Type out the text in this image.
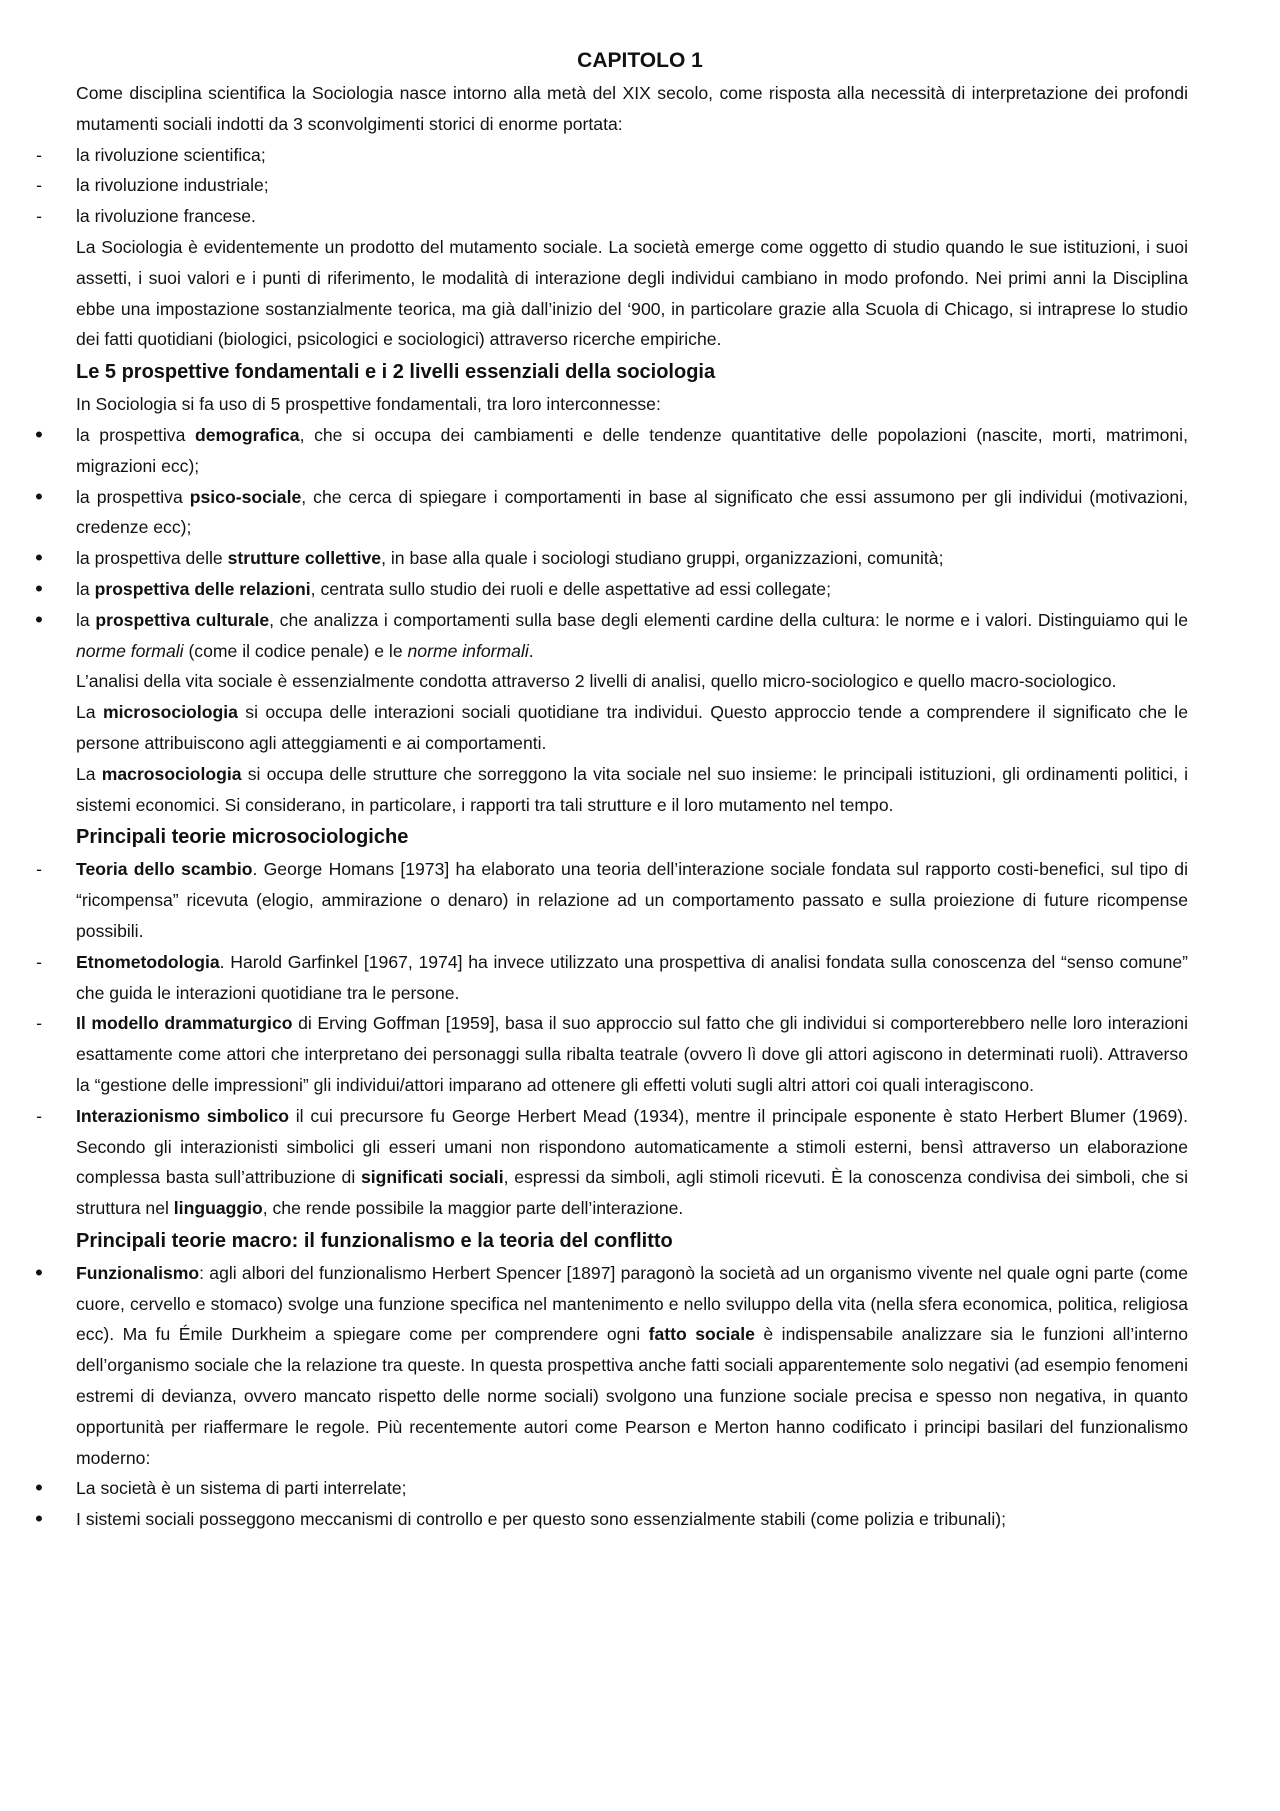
CAPITOLO 1

Come disciplina scientifica la Sociologia nasce intorno alla metà del XIX secolo, come risposta alla necessità di interpretazione dei profondi mutamenti sociali indotti da 3 sconvolgimenti storici di enorme portata:

- la rivoluzione scientifica;

- la rivoluzione industriale;

- la rivoluzione francese.

La Sociologia è evidentemente un prodotto del mutamento sociale. La società emerge come oggetto di studio quando le sue istituzioni, i suoi assetti, i suoi valori e i punti di riferimento, le modalità di interazione degli individui cambiano in modo profondo. Nei primi anni la Disciplina ebbe una impostazione sostanzialmente teorica, ma già dall’inizio del ‘900, in particolare grazie alla Scuola di Chicago, si intraprese lo studio dei fatti quotidiani (biologici, psicologici e sociologici) attraverso ricerche empiriche.

Le 5 prospettive fondamentali e i 2 livelli essenziali della sociologia

In Sociologia si fa uso di 5 prospettive fondamentali, tra loro interconnesse:

• la prospettiva demografica, che si occupa dei cambiamenti e delle tendenze quantitative delle popolazioni (nascite, morti, matrimoni, migrazioni ecc);

• la prospettiva psico-sociale, che cerca di spiegare i comportamenti in base al significato che essi assumono per gli individui (motivazioni, credenze ecc);

• la prospettiva delle strutture collettive, in base alla quale i sociologi studiano gruppi, organizzazioni, comunità;

• la prospettiva delle relazioni, centrata sullo studio dei ruoli e delle aspettative ad essi collegate;

• la prospettiva culturale, che analizza i comportamenti sulla base degli elementi cardine della cultura: le norme e i valori. Distinguiamo qui le norme formali (come il codice penale) e le norme informali.

L’analisi della vita sociale è essenzialmente condotta attraverso 2 livelli di analisi, quello micro-sociologico e quello macro-sociologico.

La microsociologia si occupa delle interazioni sociali quotidiane tra individui. Questo approccio tende a comprendere il significato che le persone attribuiscono agli atteggiamenti e ai comportamenti.

La macrosociologia si occupa delle strutture che sorreggono la vita sociale nel suo insieme: le principali istituzioni, gli ordinamenti politici, i sistemi economici. Si considerano, in particolare, i rapporti tra tali strutture e il loro mutamento nel tempo.

Principali teorie microsociologiche

- Teoria dello scambio. George Homans [1973] ha elaborato una teoria dell’interazione sociale fondata sul rapporto costi-benefici, sul tipo di “ricompensa” ricevuta (elogio, ammirazione o denaro) in relazione ad un comportamento passato e sulla proiezione di future ricompense possibili.

- Etnometodologia. Harold Garfinkel [1967, 1974] ha invece utilizzato una prospettiva di analisi fondata sulla conoscenza del “senso comune” che guida le interazioni quotidiane tra le persone.

- Il modello drammaturgico di Erving Goffman [1959], basa il suo approccio sul fatto che gli individui si comporterebbero nelle loro interazioni esattamente come attori che interpretano dei personaggi sulla ribalta teatrale (ovvero lì dove gli attori agiscono in determinati ruoli). Attraverso la “gestione delle impressioni” gli individui/attori imparano ad ottenere gli effetti voluti sugli altri attori coi quali interagiscono.

- Interazionismo simbolico il cui precursore fu George Herbert Mead (1934), mentre il principale esponente è stato Herbert Blumer (1969). Secondo gli interazionisti simbolici gli esseri umani non rispondono automaticamente a stimoli esterni, bensì attraverso un elaborazione complessa basta sull’attribuzione di significati sociali, espressi da simboli, agli stimoli ricevuti. È la conoscenza condivisa dei simboli, che si struttura nel linguaggio, che rende possibile la maggior parte dell’interazione.

Principali teorie macro: il funzionalismo e la teoria del conflitto

• Funzionalismo: agli albori del funzionalismo Herbert Spencer [1897] paragonò la società ad un organismo vivente nel quale ogni parte (come cuore, cervello e stomaco) svolge una funzione specifica nel mantenimento e nello sviluppo della vita (nella sfera economica, politica, religiosa ecc). Ma fu Émile Durkheim a spiegare come per comprendere ogni fatto sociale è indispensabile analizzare sia le funzioni all’interno dell’organismo sociale che la relazione tra queste. In questa prospettiva anche fatti sociali apparentemente solo negativi (ad esempio fenomeni estremi di devianza, ovvero mancato rispetto delle norme sociali) svolgono una funzione sociale precisa e spesso non negativa, in quanto opportunità per riaffermare le regole. Più recentemente autori come Pearson e Merton hanno codificato i principi basilari del funzionalismo moderno:

• La società è un sistema di parti interrelate;

• I sistemi sociali posseggono meccanismi di controllo e per questo sono essenzialmente stabili (come polizia e tribunali);
